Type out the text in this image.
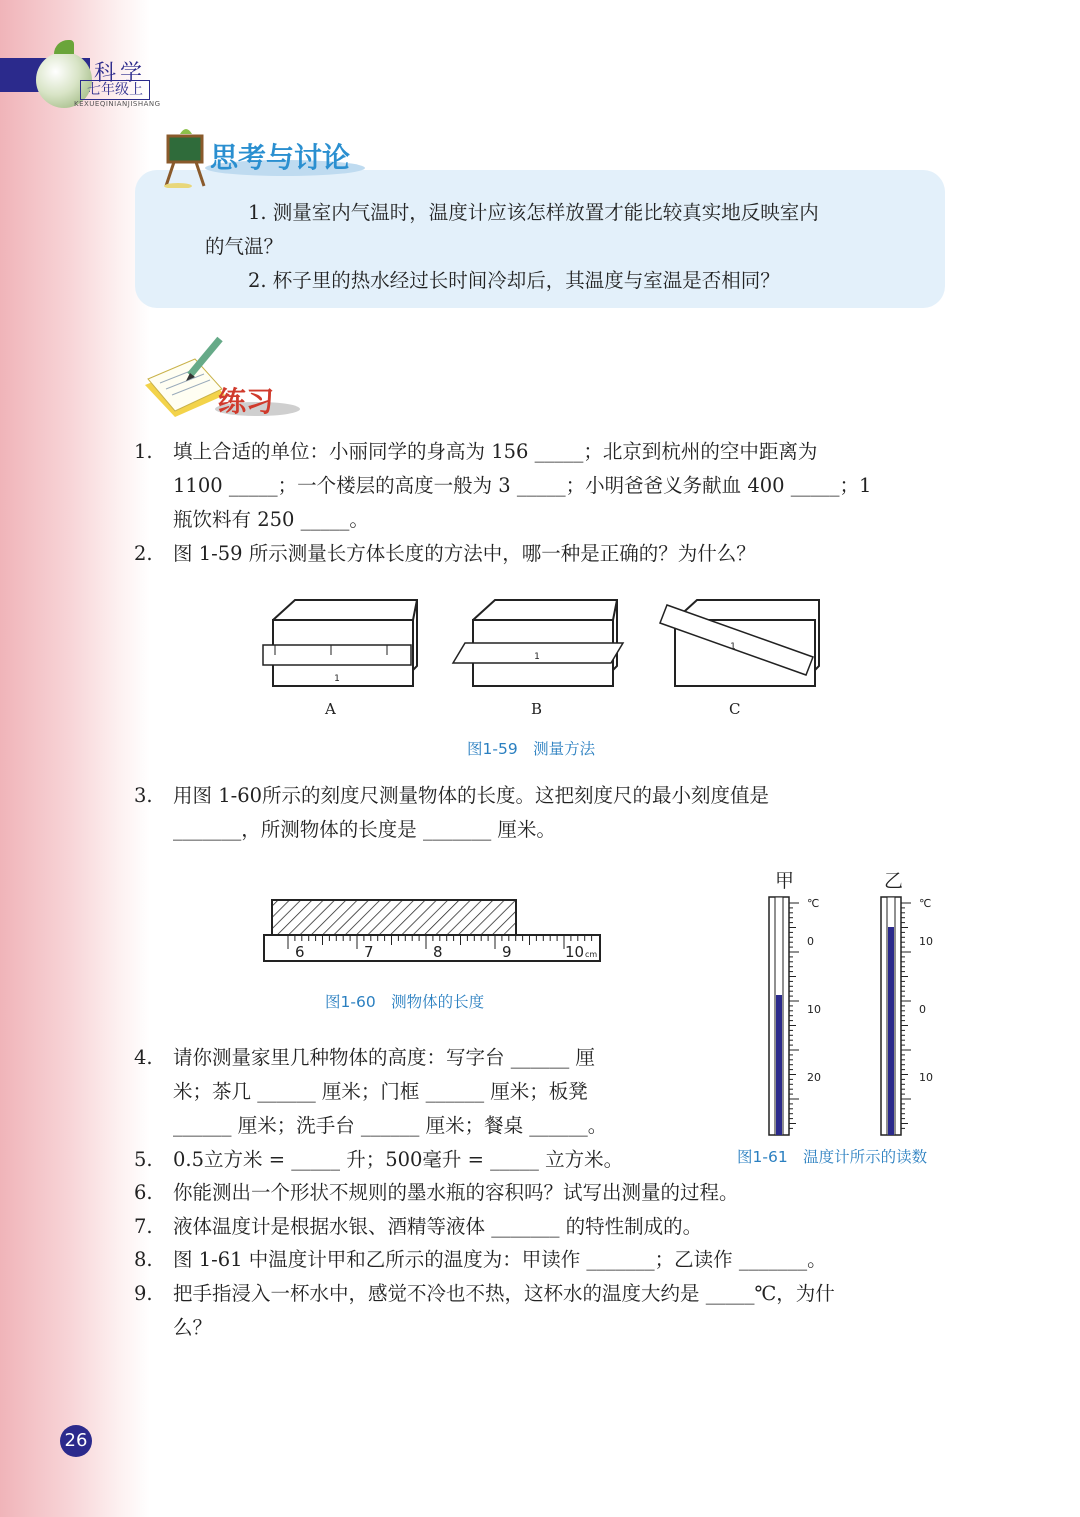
科学
七年级上
KEXUEQINIANJISHANG
思考与讨论
1. 测量室内气温时，温度计应该怎样放置才能比较真实地反映室内
的气温？
2. 杯子里的热水经过长时间冷却后，其温度与室温是否相同？
练习
1. 填上合适的单位：小丽同学的身高为 156 _____；北京到杭州的空中距离为
1100 _____；一个楼层的高度一般为 3 _____；小明爸爸义务献血 400 _____；1
瓶饮料有 250 _____。
2. 图 1-59 所示测量长方体长度的方法中，哪一种是正确的？为什么？
1
1
1
A	B	C
图1-59　测量方法
3. 用图 1-60所示的刻度尺测量物体的长度。这把刻度尺的最小刻度值是
_______，所测物体的长度是 _______ 厘米。
6	7	8	9	10 cm
图1-60　测物体的长度
甲	乙
℃
0
10
20
℃
10
0
10
图1-61　温度计所示的读数
4. 请你测量家里几种物体的高度：写字台 ______ 厘
米；茶几 ______ 厘米；门框 ______ 厘米；板凳
______ 厘米；洗手台 ______ 厘米；餐桌 ______。
5. 0.5立方米 = _____ 升；500毫升 = _____ 立方米。
6. 你能测出一个形状不规则的墨水瓶的容积吗？试写出测量的过程。
7. 液体温度计是根据水银、酒精等液体 _______ 的特性制成的。
8. 图 1-61 中温度计甲和乙所示的温度为：甲读作 _______；乙读作 _______。
9. 把手指浸入一杯水中，感觉不冷也不热，这杯水的温度大约是 _____℃，为什
么？
26
